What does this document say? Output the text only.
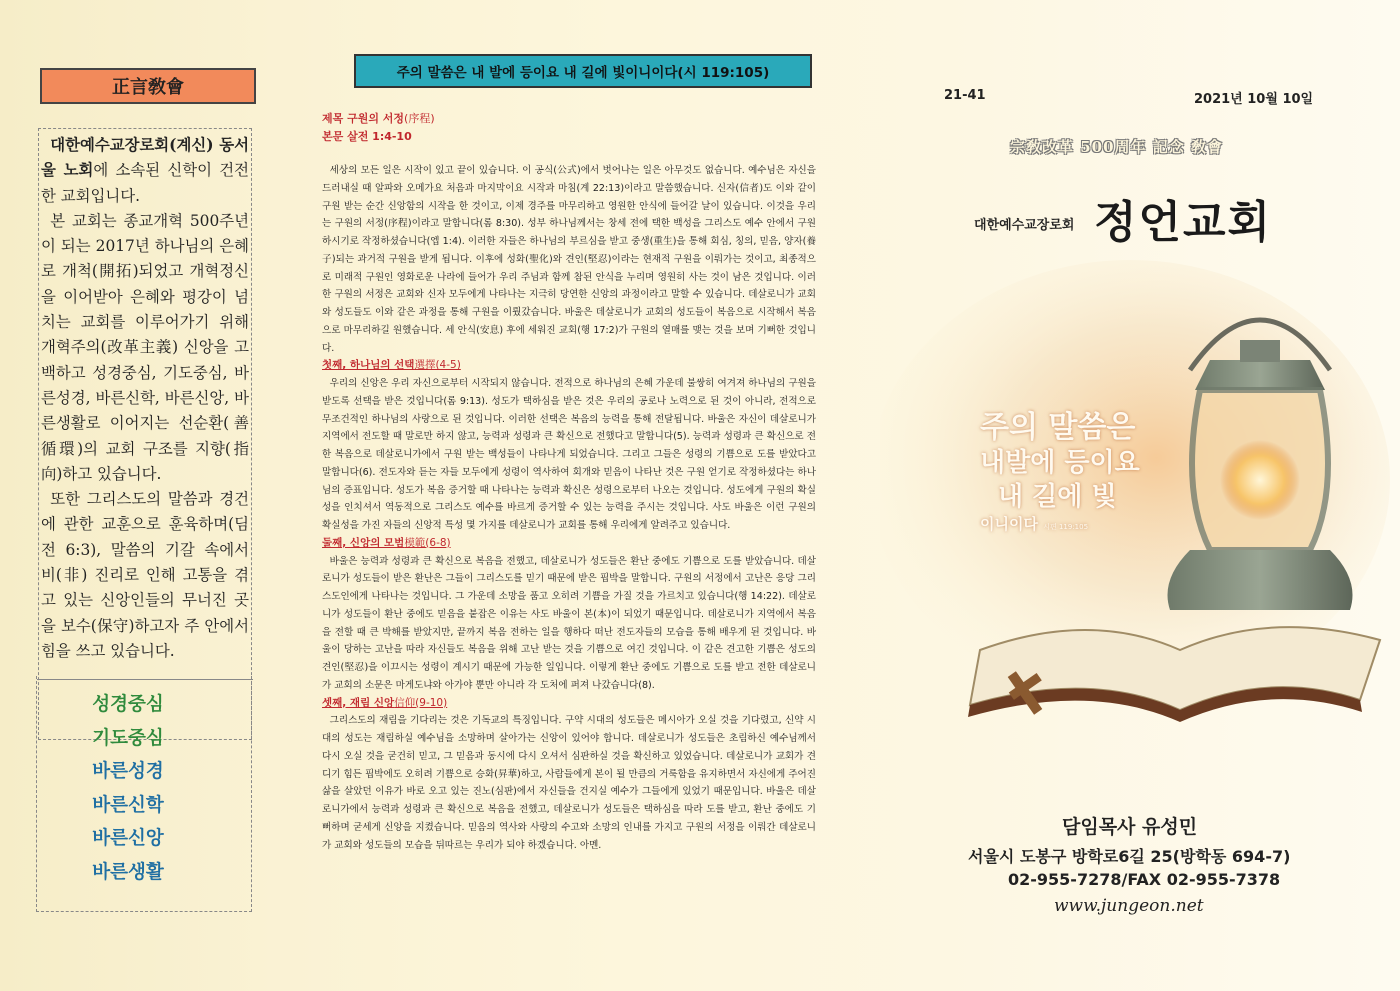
正言敎會

대한예수교장로회(계신) 동서울 노회에 소속된 신학이 건전한 교회입니다.

본 교회는 종교개혁 500주년이 되는 2017년 하나님의 은혜로 개척(開拓)되었고 개혁정신을 이어받아 은혜와 평강이 넘치는 교회를 이루어가기 위해 개혁주의(改革主義) 신앙을 고백하고 성경중심, 기도중심, 바른성경, 바른신학, 바른신앙, 바른생활로 이어지는 선순환(善循環)의 교회 구조를 지향(指向)하고 있습니다.

또한 그리스도의 말씀과 경건에 관한 교훈으로 훈육하며(딤전 6:3), 말씀의 기갈 속에서 비(非) 진리로 인해 고통을 겪고 있는 신앙인들의 무너진 곳을 보수(保守)하고자 주 안에서 힘을 쓰고 있습니다.

성경중심
기도중심
바른성경
바른신학
바른신앙
바른생활
주의 말씀은 내 발에 등이요 내 길에 빛이니이다(시 119:105)
제목 구원의 서정(序程)
본문 살전 1:4-10

세상의 모든 일은 시작이 있고 끝이 있습니다. 이 공식(公式)에서 벗어나는 일은 아무것도 없습니다. 예수님은 자신을 드러내실 때 알파와 오메가요 처음과 마지막이요 시작과 마침(계 22:13)이라고 말씀했습니다. 신자(信者)도 이와 같이 구원 받는 순간 신앙함의 시작을 한 것이고, 이제 경주를 마무리하고 영원한 안식에 들어갈 날이 있습니다. 이것을 우리는 구원의 서정(序程)이라고 말합니다(롬 8:30). 성부 하나님께서는 창세 전에 택한 백성을 그리스도 예수 안에서 구원하시기로 작정하셨습니다(엡 1:4). 이러한 자들은 하나님의 부르심을 받고 중생(重生)을 통해 회심, 칭의, 믿음, 양자(養子)되는 과거적 구원을 받게 됩니다. 이후에 성화(聖化)와 견인(堅忍)이라는 현재적 구원을 이뤄가는 것이고, 최종적으로 미래적 구원인 영화로운 나라에 들어가 우리 주님과 함께 참된 안식을 누리며 영원히 사는 것이 남은 것입니다. 이러한 구원의 서정은 교회와 신자 모두에게 나타나는 지극히 당연한 신앙의 과정이라고 말할 수 있습니다. 데살로니가 교회와 성도들도 이와 같은 과정을 통해 구원을 이뤘갔습니다. 바울은 데살로니가 교회의 성도들이 복음으로 시작해서 복음으로 마무리하길 원했습니다. 세 안식(安息) 후에 세워진 교회(행 17:2)가 구원의 열매를 맺는 것을 보며 기뻐한 것입니다.

첫째, 하나님의 선택選擇(4-5)

우리의 신앙은 우리 자신으로부터 시작되지 않습니다. 전적으로 하나님의 은혜 가운데 불쌍히 여겨져 하나님의 구원을 받도록 선택을 받은 것입니다(롬 9:13). 성도가 택하심을 받은 것은 우리의 공로나 노력으로 된 것이 아니라, 전적으로 무조건적인 하나님의 사랑으로 된 것입니다. 이러한 선택은 복음의 능력을 통해 전달됩니다. 바울은 자신이 데살로니가 지역에서 전도할 때 말로만 하지 않고, 능력과 성령과 큰 확신으로 전했다고 말합니다(5). 능력과 성령과 큰 확신으로 전한 복음으로 데살로니가에서 구원 받는 백성들이 나타나게 되었습니다. 그리고 그들은 성령의 기쁨으로 도를 받았다고 말합니다(6). 전도자와 듣는 자들 모두에게 성령이 역사하여 회개와 믿음이 나타난 것은 구원 얻기로 작정하셨다는 하나님의 증표입니다. 성도가 복음 증거할 때 나타나는 능력과 확신은 성령으로부터 나오는 것입니다. 성도에게 구원의 확실성을 인치셔서 역동적으로 그리스도 예수를 바르게 증거할 수 있는 능력을 주시는 것입니다. 사도 바울은 이런 구원의 확실성을 가진 자들의 신앙적 특성 몇 가지를 데살로니가 교회를 통해 우리에게 알려주고 있습니다.

둘째, 신앙의 모범模範(6-8)

바울은 능력과 성령과 큰 확신으로 복음을 전했고, 데살로니가 성도들은 환난 중에도 기쁨으로 도를 받았습니다. 데살로니가 성도들이 받은 환난은 그들이 그리스도를 믿기 때문에 받은 핍박을 말합니다. 구원의 서정에서 고난은 응당 그리스도인에게 나타나는 것입니다. 그 가운데 소망을 품고 오히려 기쁨을 가질 것을 가르치고 있습니다(행 14:22). 데살로니가 성도들이 환난 중에도 믿음을 붙잡은 이유는 사도 바울이 본(本)이 되었기 때문입니다. 데살로니가 지역에서 복음을 전할 때 큰 박해를 받았지만, 끝까지 복음 전하는 일을 행하다 떠난 전도자들의 모습을 통해 배우게 된 것입니다. 바울이 당하는 고난을 따라 자신들도 복음을 위해 고난 받는 것을 기쁨으로 여긴 것입니다. 이 같은 견고한 기쁨은 성도의 견인(堅忍)을 이끄시는 성령이 계시기 때문에 가능한 일입니다. 이렇게 환난 중에도 기쁨으로 도를 받고 전한 데살로니가 교회의 소문은 마게도냐와 아가야 뿐만 아니라 각 도처에 퍼져 나갔습니다(8).

셋째, 재림 신앙信仰(9-10)

그리스도의 재림을 기다리는 것은 기독교의 특징입니다. 구약 시대의 성도들은 메시아가 오실 것을 기다렸고, 신약 시대의 성도는 재림하실 예수님을 소망하며 살아가는 신앙이 있어야 합니다. 데살로니가 성도들은 초림하신 예수님께서 다시 오실 것을 굳건히 믿고, 그 믿음과 동시에 다시 오셔서 심판하실 것을 확신하고 있었습니다. 데살로니가 교회가 견디기 힘든 핍박에도 오히려 기쁨으로 승화(昇華)하고, 사람들에게 본이 될 만큼의 거룩함을 유지하면서 자신에게 주어진 삶을 살았던 이유가 바로 오고 있는 진노(심판)에서 자신들을 건지실 예수가 그들에게 있었기 때문입니다. 바울은 데살로니가에서 능력과 성령과 큰 확신으로 복음을 전했고, 데살로니가 성도들은 택하심을 따라 도를 받고, 환난 중에도 기뻐하며 굳세게 신앙을 지켰습니다. 믿음의 역사와 사랑의 수고와 소망의 인내를 가지고 구원의 서정을 이뤄간 데살로니가 교회와 성도들의 모습을 뒤따르는 우리가 되야 하겠습니다. 아멘.

21-41	2021년 10월 10일
宗敎改革 500周年 記念 敎會
대한예수교장로회 정언교회
주의 말씀은
내발에 등이요
내 길에 빛
이니이다 시편 119:105
담임목사 유성민
서울시 도봉구 방학로6길 25(방학동 694-7)
02-955-7278/FAX 02-955-7378
www.jungeon.net
